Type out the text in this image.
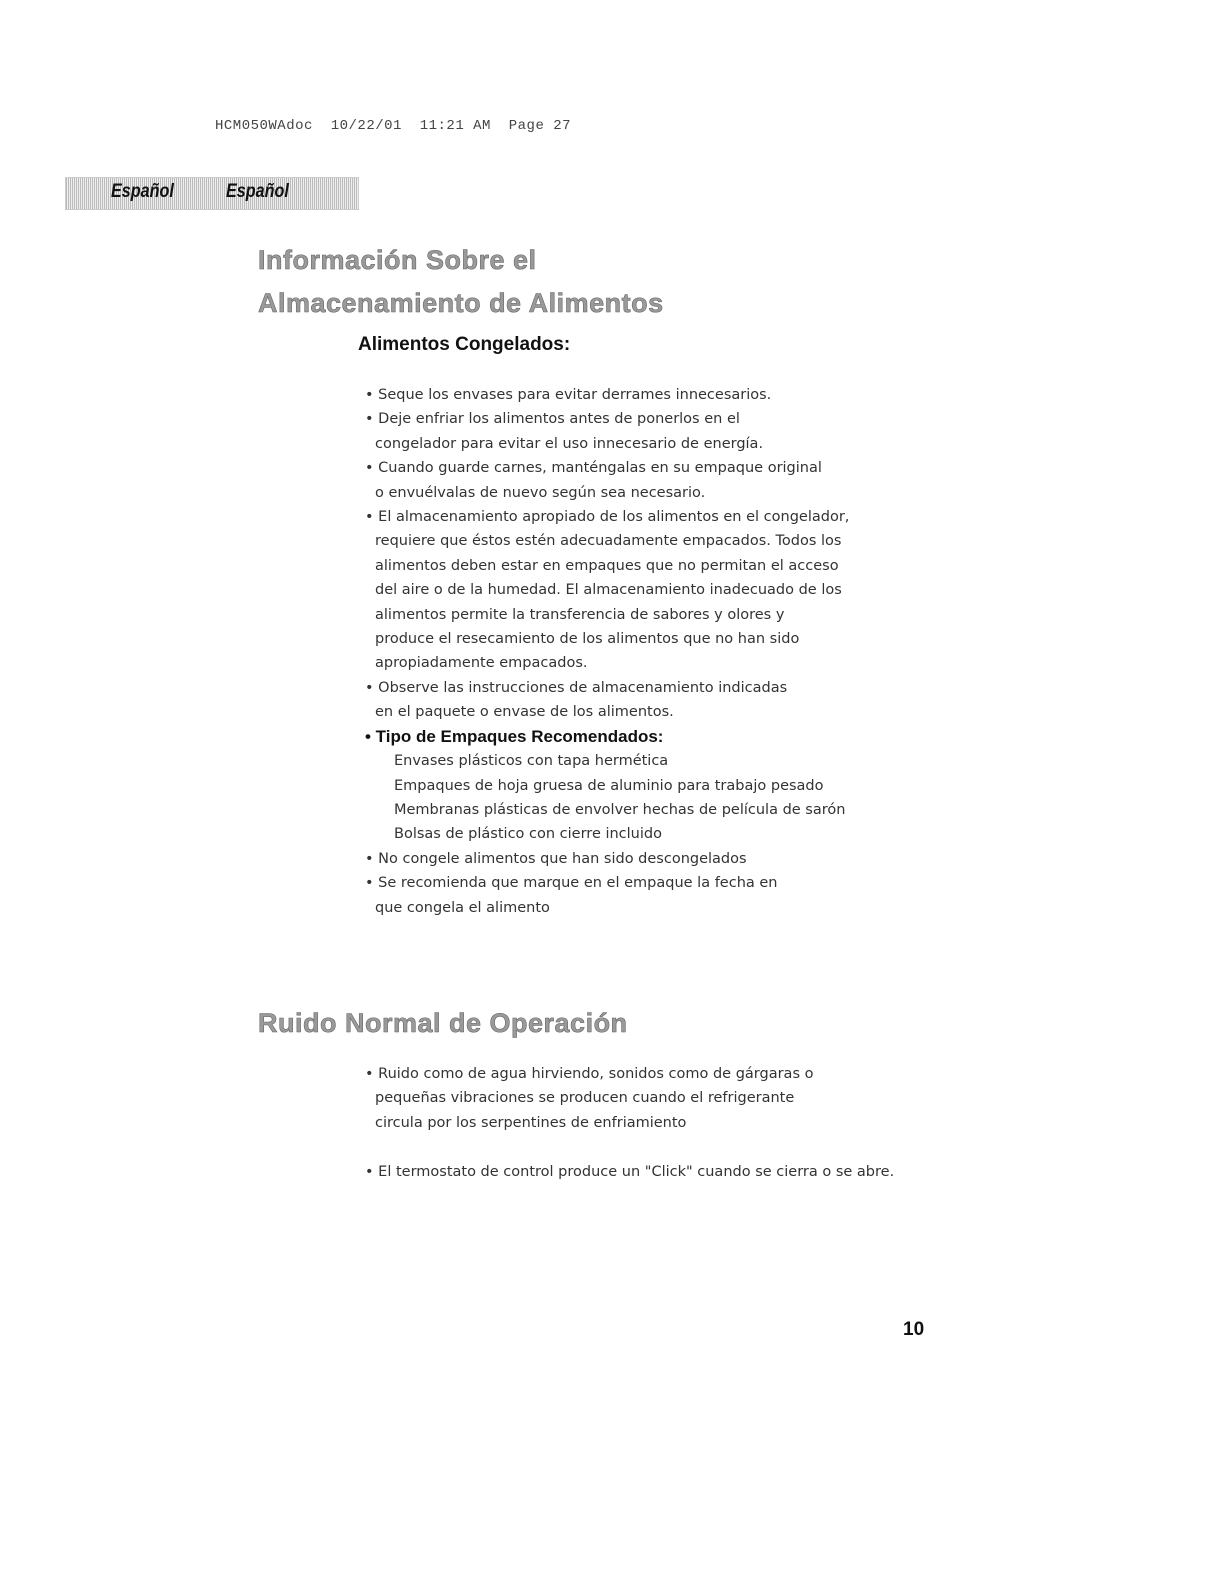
HCM050WAdoc  10/22/01  11:21 AM  Page 27
Español	Español
Información Sobre el
Almacenamiento de Alimentos
Alimentos Congelados:
• Seque los envases para evitar derrames innecesarios.
• Deje enfriar los alimentos antes de ponerlos en el
congelador para evitar el uso innecesario de energía.
• Cuando guarde carnes, manténgalas en su empaque original
o envuélvalas de nuevo según sea necesario.
• El almacenamiento apropiado de los alimentos en el congelador,
requiere que éstos estén adecuadamente empacados. Todos los
alimentos deben estar en empaques que no permitan el acceso
del aire o de la humedad. El almacenamiento inadecuado de los
alimentos permite la transferencia de sabores y olores y
produce el resecamiento de los alimentos que no han sido
apropiadamente empacados.
• Observe las instrucciones de almacenamiento indicadas
en el paquete o envase de los alimentos.
• Tipo de Empaques Recomendados:
Envases plásticos con tapa hermética
Empaques de hoja gruesa de aluminio para trabajo pesado
Membranas plásticas de envolver hechas de película de sarón
Bolsas de plástico con cierre incluido
• No congele alimentos que han sido descongelados
• Se recomienda que marque en el empaque la fecha en
que congela el alimento
Ruido Normal de Operación
• Ruido como de agua hirviendo, sonidos como de gárgaras o
pequeñas vibraciones se producen cuando el refrigerante
circula por los serpentines de enfriamiento

• El termostato de control produce un "Click" cuando se cierra o se abre.
10
